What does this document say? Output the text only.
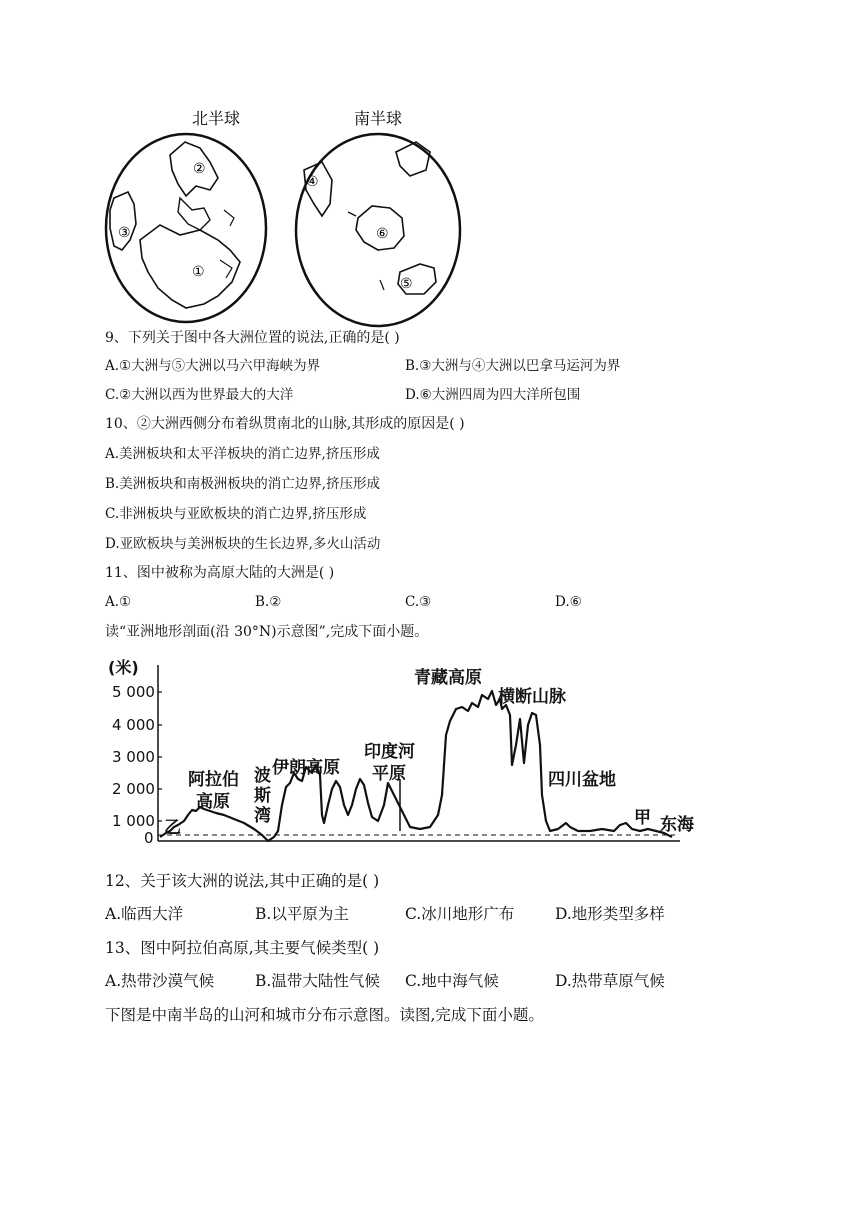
北半球
②
③
①
南半球
④
⑥
⑤
9、下列关于图中各大洲位置的说法,正确的是( )
A.①大洲与⑤大洲以马六甲海峡为界	B.③大洲与④大洲以巴拿马运河为界
C.②大洲以西为世界最大的大洋	D.⑥大洲四周为四大洋所包围
10、②大洲西侧分布着纵贯南北的山脉,其形成的原因是( )
A.美洲板块和太平洋板块的消亡边界,挤压形成
B.美洲板块和南极洲板块的消亡边界,挤压形成
C.非洲板块与亚欧板块的消亡边界,挤压形成
D.亚欧板块与美洲板块的生长边界,多火山活动
11、图中被称为高原大陆的大洲是( )
A.①	B.②	C.③	D.⑥
读“亚洲地形剖面(沿 30°N)示意图”,完成下面小题。
(米)
5 000
4 000
3 000
2 000
1 000
0 乙
阿拉伯
高原
波
斯
湾
伊朗高原
印度河
平原
青藏高原
横断山脉
四川盆地
甲 东海
12、关于该大洲的说法,其中正确的是( )
A.临西大洋	B.以平原为主	C.冰川地形广布	D.地形类型多样
13、图中阿拉伯高原,其主要气候类型( )
A.热带沙漠气候	B.温带大陆性气候 C.地中海气候	D.热带草原气候
下图是中南半岛的山河和城市分布示意图。读图,完成下面小题。
